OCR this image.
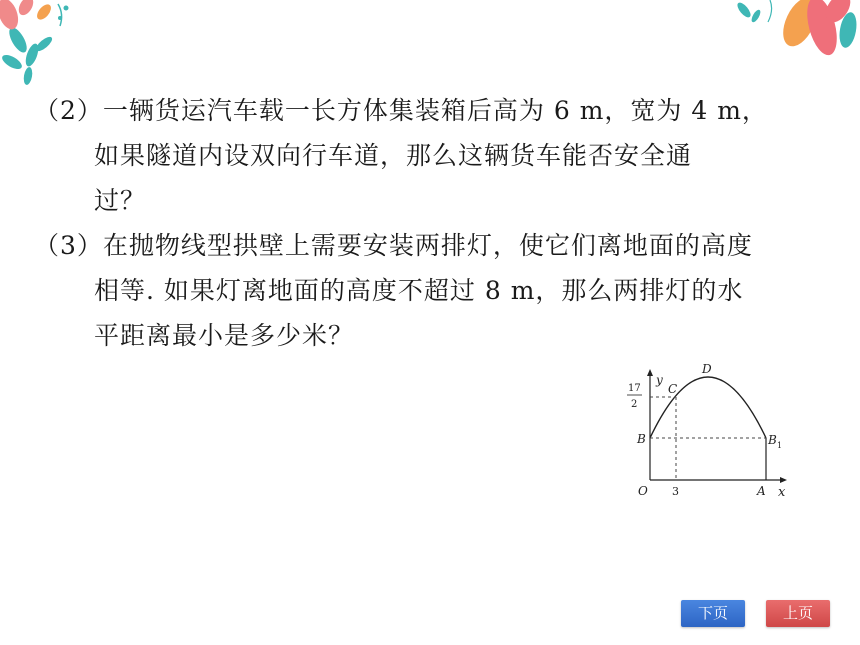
（2）一辆货运汽车载一长方体集装箱后高为 6 m，宽为 4 m，
如果隧道内设双向行车道，那么这辆货车能否安全通
过？
（3）在抛物线型拱壁上需要安装两排灯，使它们离地面的高度
相等. 如果灯离地面的高度不超过 8 m，那么两排灯的水
平距离最小是多少米？
y
x
O	A
B	B 1
C
D
3
17
2
下页	上页
